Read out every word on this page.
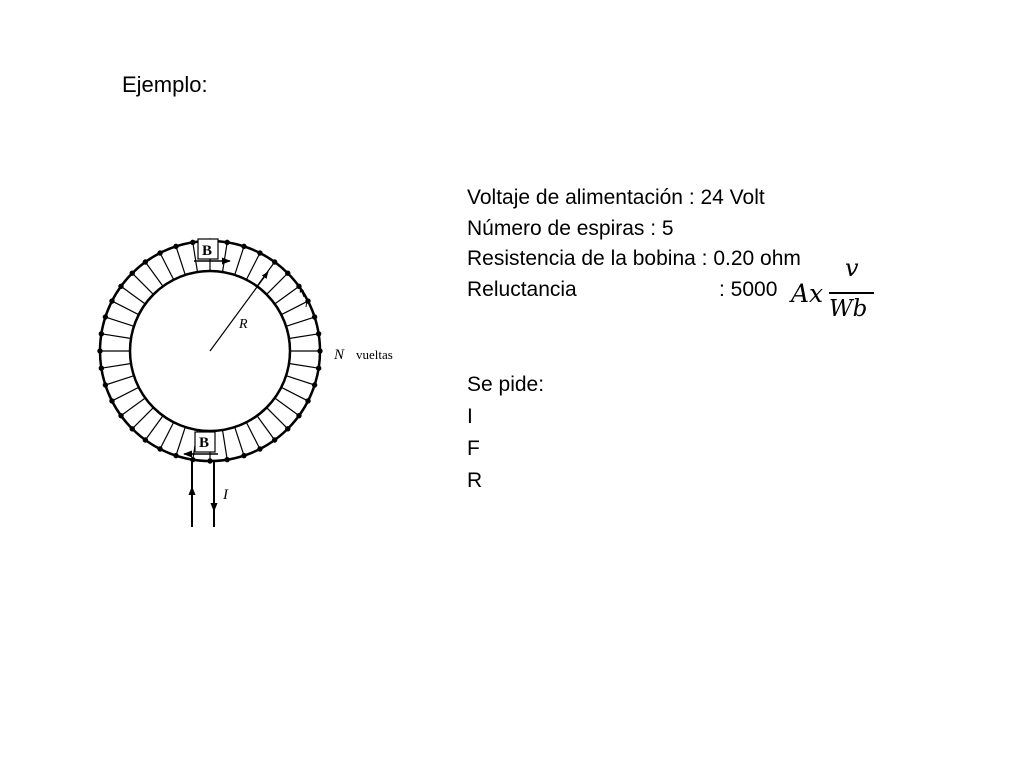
Ejemplo:
Voltaje de alimentación : 24 Volt
Número de espiras : 5
Resistencia de la bobina : 0.20 ohm
Reluctancia	: 5000 Ax
v
Wb
Se pide:
I
F
R
R
r
B
B
N vueltas
I
